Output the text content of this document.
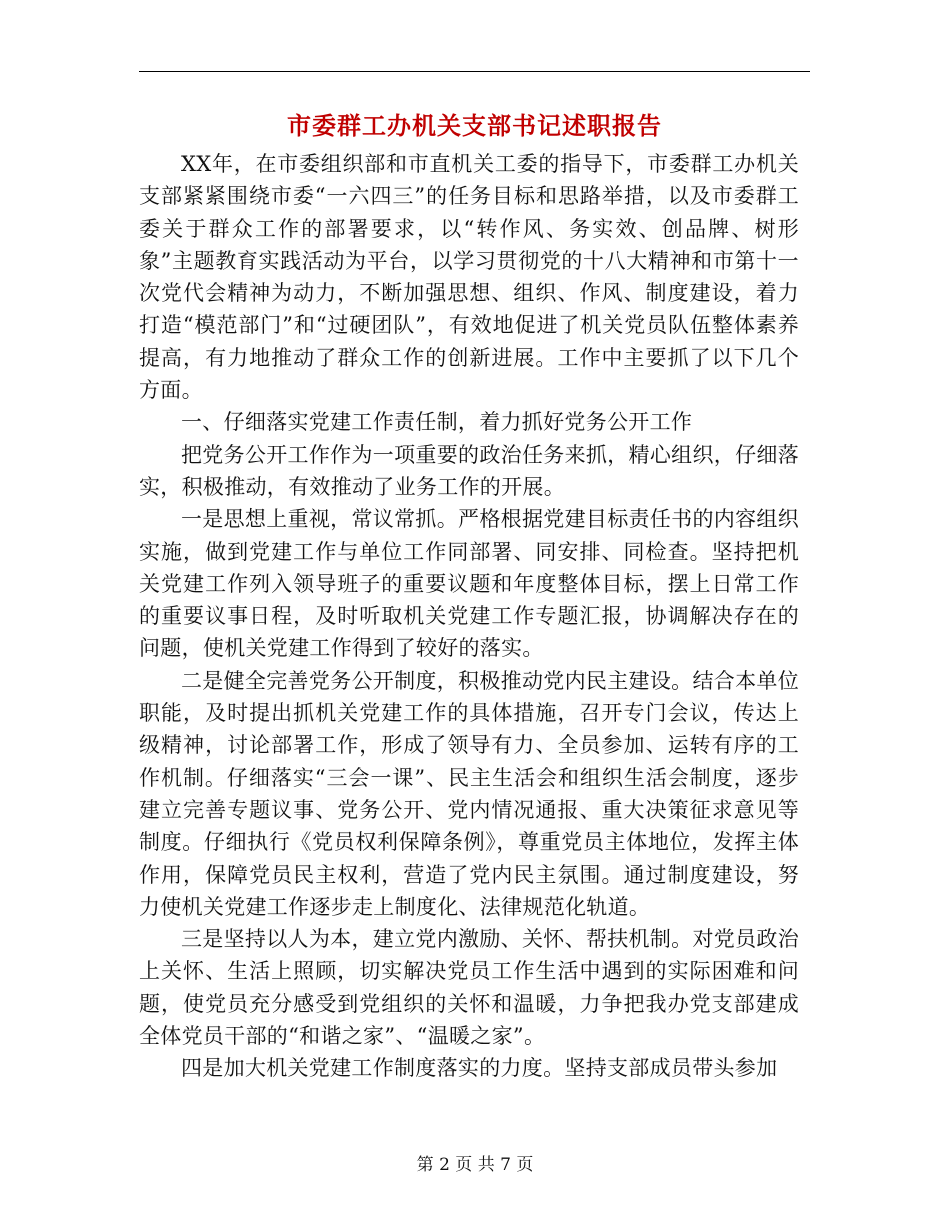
市委群工办机关支部书记述职报告

XX年，在市委组织部和市直机关工委的指导下，市委群工办机关支部紧紧围绕市委“一六四三”的任务目标和思路举措，以及市委群工委关于群众工作的部署要求，以“转作风、务实效、创品牌、树形象”主题教育实践活动为平台，以学习贯彻党的十八大精神和市第十一次党代会精神为动力，不断加强思想、组织、作风、制度建设，着力打造“模范部门”和“过硬团队”，有效地促进了机关党员队伍整体素养提高，有力地推动了群众工作的创新进展。工作中主要抓了以下几个方面。

一、仔细落实党建工作责任制，着力抓好党务公开工作

把党务公开工作作为一项重要的政治任务来抓，精心组织，仔细落实，积极推动，有效推动了业务工作的开展。

一是思想上重视，常议常抓。严格根据党建目标责任书的内容组织实施，做到党建工作与单位工作同部署、同安排、同检查。坚持把机关党建工作列入领导班子的重要议题和年度整体目标，摆上日常工作的重要议事日程，及时听取机关党建工作专题汇报，协调解决存在的问题，使机关党建工作得到了较好的落实。

二是健全完善党务公开制度，积极推动党内民主建设。结合本单位职能，及时提出抓机关党建工作的具体措施，召开专门会议，传达上级精神，讨论部署工作，形成了领导有力、全员参加、运转有序的工作机制。仔细落实“三会一课”、民主生活会和组织生活会制度，逐步建立完善专题议事、党务公开、党内情况通报、重大决策征求意见等制度。仔细执行《党员权利保障条例》，尊重党员主体地位，发挥主体作用，保障党员民主权利，营造了党内民主氛围。通过制度建设，努力使机关党建工作逐步走上制度化、法律规范化轨道。

三是坚持以人为本，建立党内激励、关怀、帮扶机制。对党员政治上关怀、生活上照顾，切实解决党员工作生活中遇到的实际困难和问题，使党员充分感受到党组织的关怀和温暖，力争把我办党支部建成全体党员干部的“和谐之家”、“温暖之家”。

四是加大机关党建工作制度落实的力度。坚持支部成员带头参加

第 2 页 共 7 页
